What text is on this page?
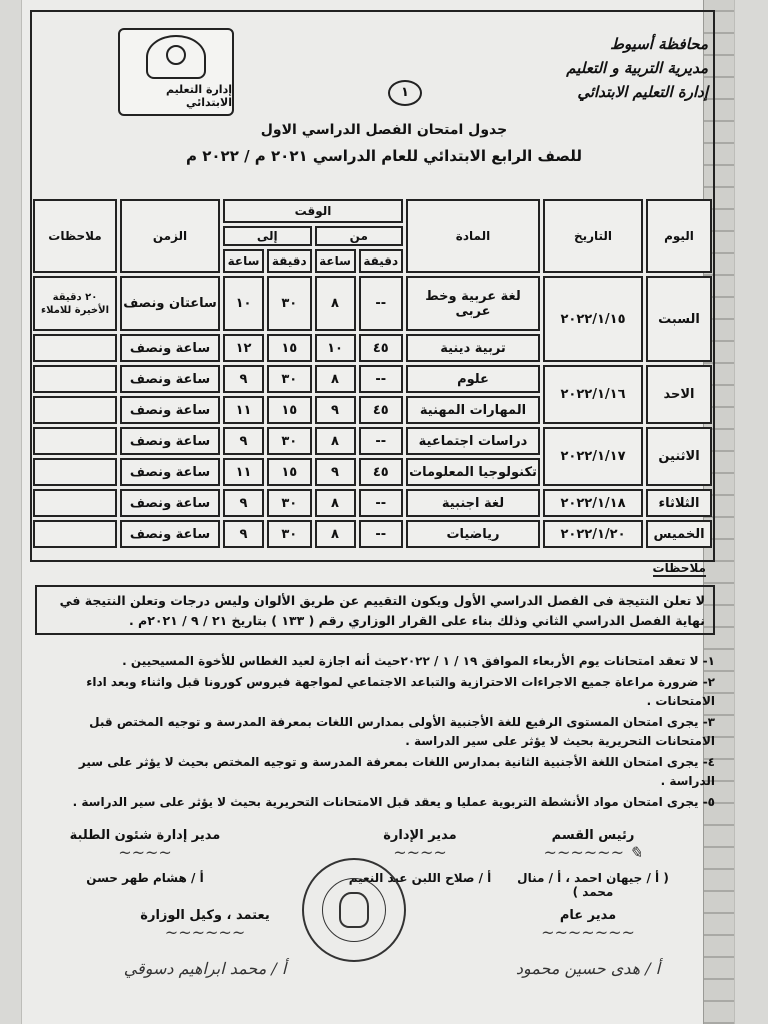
محافظة أسيوط
مديرية التربية و التعليم
إدارة التعليم الابتدائي
إدارة التعليم الابتدائي
١
جدول امتحان الفصل الدراسي الاول
للصف الرابع الابتدائي للعام الدراسي ٢٠٢١ م / ٢٠٢٢ م
اليوم	التاريخ	المادة	الوقت				الزمن	ملاحظات
			من		إلى			
			دقيقة	ساعة	دقيقة	ساعة		
السبت	٢٠٢٢/١/١٥	لغة عربية وخط عربى	--	٨	٣٠	١٠	ساعتان ونصف	٢٠ دقيقة الأخيرة للاملاء
		تربية دينية	٤٥	١٠	١٥	١٢	ساعة ونصف	
الاحد	٢٠٢٢/١/١٦	علوم	--	٨	٣٠	٩	ساعة ونصف	
		المهارات المهنية	٤٥	٩	١٥	١١	ساعة ونصف	
الاثنين	٢٠٢٢/١/١٧	دراسات اجتماعية	--	٨	٣٠	٩	ساعة ونصف	
		تكنولوجيا المعلومات	٤٥	٩	١٥	١١	ساعة ونصف	
الثلاثاء	٢٠٢٢/١/١٨	لغة اجنبية	--	٨	٣٠	٩	ساعة ونصف	
الخميس	٢٠٢٢/١/٢٠	رياضيات	--	٨	٣٠	٩	ساعة ونصف	
ملاحظات
لا تعلن النتيجة فى الفصل الدراسي الأول ويكون التقييم عن طريق الألوان وليس درجات وتعلن النتيجة في نهاية الفصل الدراسي الثاني وذلك بناء على القرار الوزاري رقم ( ١٣٣ ) بتاريخ ٢١ / ٩ / ٢٠٢١م .

١- لا تعقد امتحانات يوم الأربعاء الموافق ١٩ / ١ / ٢٠٢٢حيث أنه اجازة لعيد الغطاس للأخوة المسيحيين .

٢- ضرورة مراعاة جميع الاجراءات الاحترازية والتباعد الاجتماعي لمواجهة فيروس كورونا قبل واثناء وبعد اداء الامتحانات .

٣- يجرى امتحان المستوى الرفيع للغة الأجنبية الأولى بمدارس اللغات بمعرفة المدرسة و توجيه المختص قبل الامتحانات التحريرية بحيث لا يؤثر على سير الدراسة .

٤- يجرى امتحان اللغة الأجنبية الثانية بمدارس اللغات بمعرفة المدرسة و توجيه المختص بحيث لا يؤثر على سير الدراسة .

٥- يجرى امتحان مواد الأنشطة التربوية عمليا و يعقد قبل الامتحانات التحريرية بحيث لا يؤثر على سير الدراسة .

رئيس القسم
✎ ~~~~~~
( أ / جيهان احمد ، أ / منال محمد )
مدير الإدارة
~~~~
أ / صلاح اللبن عبد النعيم
مدير إدارة شئون الطلبة
~~~~
أ / هشام طهر حسن
مدير عام
~~~~~~~
أ / هدى حسين محمود
يعتمد ، وكيل الوزارة
~~~~~~
أ / محمد ابراهيم دسوقي
